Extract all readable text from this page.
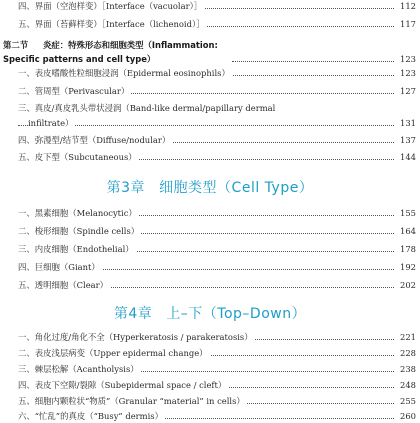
四、界面（空泡样变）［Interface（vacuolar）］	112
五、界面（苔藓样变）［Interface（lichenoid）］	117
第二节 炎症：特殊形态和细胞类型（Inflammation:
Specific patterns and cell type）	123
一、表皮嗜酸性粒细胞浸润（Epidermal eosinophils）	123
二、管周型（Perivascular）	127
三、真皮/真皮乳头带状浸润（Band-like dermal/papillary dermal
infiltrate）	131
四、弥漫型/结节型（Diffuse/nodular）	137
五、皮下型（Subcutaneous）	144
第3章 细胞类型（Cell Type）
一、黑素细胞（Melanocytic）	155
二、梭形细胞（Spindle cells）	164
三、内皮细胞（Endothelial）	178
四、巨细胞（Giant）	192
五、透明细胞（Clear）	202
第4章 上–下（Top–Down）
一、角化过度/角化不全（Hyperkeratosis / parakeratosis）	221
二、表皮浅层病变（Upper epidermal change）	228
三、棘层松解（Acantholysis）	238
四、表皮下空隙/裂隙（Subepidermal space / cleft）	248
五、细胞内颗粒状“物质”（Granular “material” in cells）	255
六、“忙乱”的真皮（“Busy” dermis）	260
